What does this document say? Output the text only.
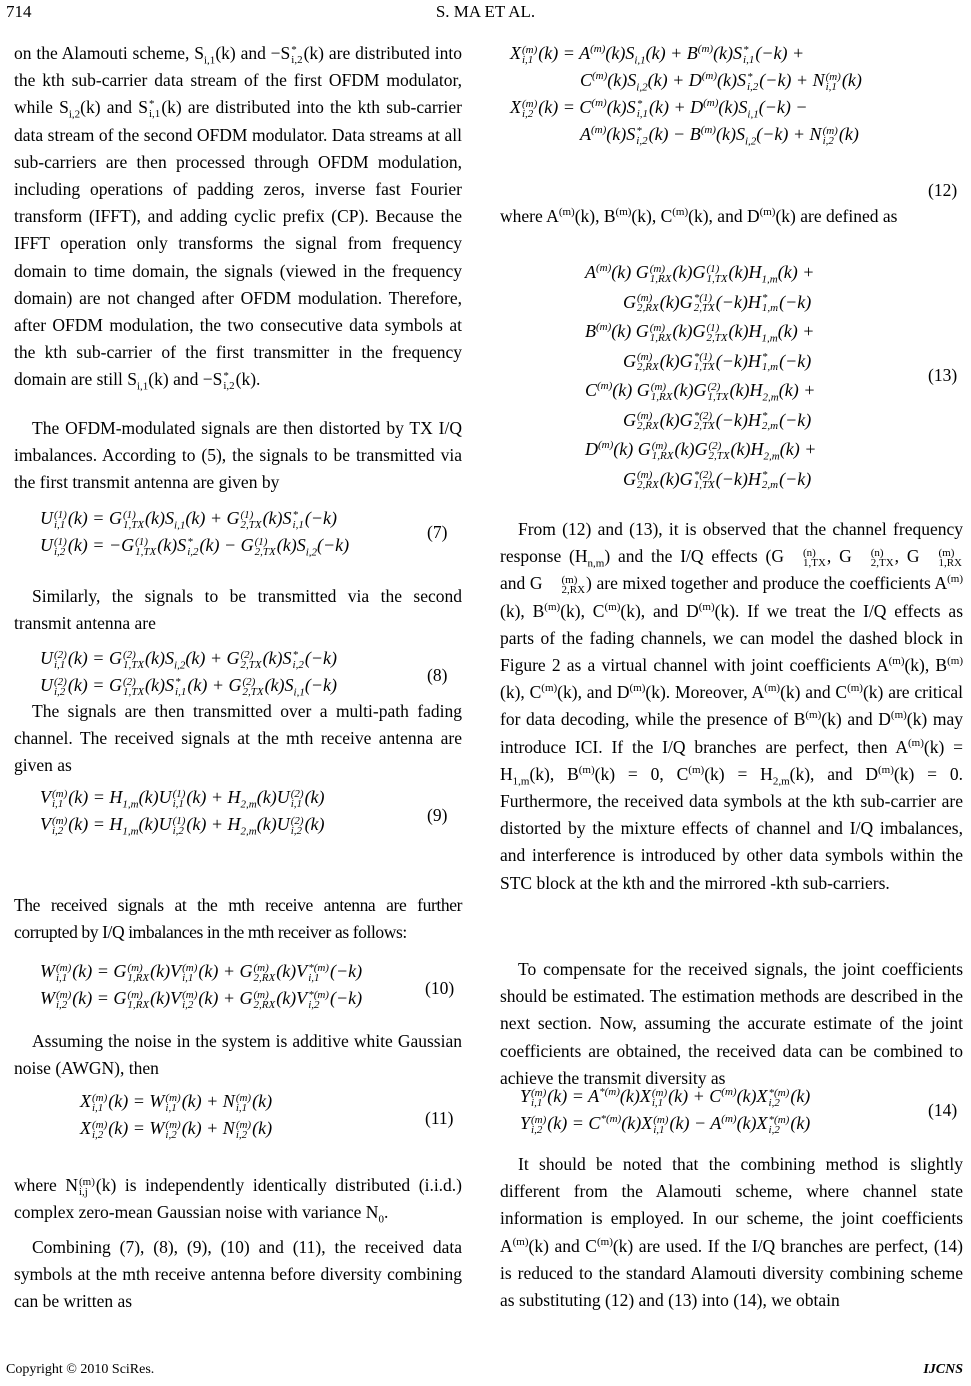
714	S. MA ET AL.
on the Alamouti scheme, $S_{i,1}(k)$ and −S *
i,2 (k) are distributed into the kth sub-carrier data stream of the first OFDM modulator, while $S_{i,2}(k)$ and S *
i,1 (k) are distributed into the kth sub-carrier data stream of the second OFDM modulator. Data streams at all sub-carriers are then processed through OFDM modulation, including operations of padding zeros, inverse fast Fourier transform (IFFT), and adding cyclic prefix (CP). Because the IFFT operation only transforms the signal from frequency domain to time domain, the signals (viewed in the frequency domain) are not changed after OFDM modulation. Therefore, after OFDM modulation, the two consecutive data symbols at the kth sub-carrier of the first transmitter in the frequency domain are still $S_{i,1}(k)$ and −S *
i,2 (k).
The OFDM-modulated signals are then distorted by TX I/Q imbalances. According to (5), the signals to be transmitted via the first transmit antenna are given by
U (1)
i,1 (k) = G (1)
1,TX $(k)S_{i,1}(k) + G$ (1)
2,TX (k)S *
i,1 (−k)
U (1)
i,2 (k) = −G (1)
1,TX (k)S *
i,2 (k) − G (1)
2,TX $(k)S_{i,2}(-k)$
(7)
Similarly, the signals to be transmitted via the second transmit antenna are
U (2)
i,1 (k) = G (2)
1,TX $(k)S_{i,2}(k) + G$ (2)
2,TX (k)S *
i,2 (−k)
U (2)
i,2 (k) = G (2)
1,TX (k)S *
i,1 (k) + G (2)
2,TX $(k)S_{i,1}(-k)$	(8)
The signals are then transmitted over a multi-path fading channel. The received signals at the mth receive antenna are given as
V (m)
i,1 $(k) = H_{1,m}(k)U$ (1)
i,1 $(k) + H_{2,m}(k)U$ (2)
i,1 (k)
V (m)
i,2 $(k) = H_{1,m}(k)U$ (1)
i,2 $(k) + H_{2,m}(k)U$ (2)
i,2 (k)	(9)
The received signals at the mth receive antenna are further corrupted by I/Q imbalances in the mth receiver as follows:
W (m)
i,1 (k) = G (m)
1,RX (k)V (m)
i,1 (k) + G (m)
2,RX (k)V *(m)
i,1 (−k)
W (m)
i,2 (k) = G (m)
1,RX (k)V (m)
i,2 (k) + G (m)
2,RX (k)V *(m)
i,2 (−k)	(10)
Assuming the noise in the system is additive white Gaussian noise (AWGN), then
X (m)
i,1 (k) = W (m)
i,1 (k) + N (m)
i,1 (k)
X (m)
i,2 (k) = W (m)
i,2 (k) + N (m)
i,2 (k)	(11)
where N (m)
i,j (k) is independently identically distributed (i.i.d.) complex zero-mean Gaussian noise with variance $N_0$.
Combining (7), (8), (9), (10) and (11), the received data symbols at the mth receive antenna before diversity combining can be written as
X (m)
i,1 $(k) = A^{(m)}(k)S_{i,1}(k) + B^{(m)}(k)S$ *
i,1 (−k) +
$C^{(m)}(k)S_{i,2}(k) + D^{(m)}(k)S$ *
i,2 (−k) + N (m)
i,1 (k)
X (m)
i,2 $(k) = C^{(m)}(k)S$ *
i,1 $(k) + D^{(m)}(k)S_{i,1}(-k)$ −
$A^{(m)}(k)S$ *
i,2 $(k) - B^{(m)}(k)S_{i,2}(-k) + N$ (m)
i,2 (k)
(12)
where $A^{(m)}(k)$, $B^{(m)}(k)$, $C^{(m)}(k)$, and $D^{(m)}(k)$ are defined as
$A^{(m)}(k)$ G (m)
1,RX (k)G (1)
1,TX $(k)H_{1,m}(k)$ +
G (m)
2,RX (k)G *(1)
2,TX (−k)H *
1,m (−k)
$B^{(m)}(k)$ G (m)
1,RX (k)G (1)
2,TX $(k)H_{1,m}(k)$ +
G (m)
2,RX (k)G *(1)
1,TX (−k)H *
1,m (−k)
$C^{(m)}(k)$ G (m)
1,RX (k)G (2)
1,TX $(k)H_{2,m}(k)$ +
G (m)
2,RX (k)G *(2)
2,TX (−k)H *
2,m (−k)
$D^{(m)}(k)$ G (m)
1,RX (k)G (2)
2,TX $(k)H_{2,m}(k)$ +
G (m)
2,RX (k)G *(2)
1,TX (−k)H *
2,m (−k)
(13)
From (12) and (13), it is observed that the channel frequency response $(H_{n,m})$ and the I/Q effects (G	(n)
1,TX , G	(n)
2,TX , G	(m)
1,RX
and G	(m)
2,RX ) are mixed together and produce the coefficients $A^{(m)}(k)$, $B^{(m)}(k)$, $C^{(m)}(k)$, and $D^{(m)}(k)$. If we treat the I/Q effects as parts of the fading channels, we can model the dashed block in Figure 2 as a virtual channel with joint coefficients $A^{(m)}(k)$, $B^{(m)}(k)$, $C^{(m)}(k)$, and $D^{(m)}(k)$. Moreover, $A^{(m)}(k)$ and $C^{(m)}(k)$ are critical for data decoding, while the presence of $B^{(m)}(k)$ and $D^{(m)}(k)$ may introduce ICI. If the I/Q branches are perfect, then $A^{(m)}(k) = H_{1,m}(k)$, $B^{(m)}(k) = 0$, $C^{(m)}(k) = H_{2,m}(k)$, and $D^{(m)}(k) = 0$. Furthermore, the received data symbols at the kth sub-carrier are distorted by the mixture effects of channel and I/Q imbalances, and interference is introduced by other data symbols within the STC block at the kth and the mirrored -kth sub-carriers.
To compensate for the received signals, the joint coefficients should be estimated. The estimation methods are described in the next section. Now, assuming the accurate estimate of the joint coefficients are obtained, the received data can be combined to achieve the transmit diversity as
Y (m)
i,1 $(k) = A^{*(m)}(k)X$ (m)
i,1 $(k) + C^{(m)}(k)X$ *(m)
i,2 (k)
Y (m)
i,2 $(k) = C^{*(m)}(k)X$ (m)
i,1 $(k) - A^{(m)}(k)X$ *(m)
i,2 (k)
(14)
It should be noted that the combining method is slightly different from the Alamouti scheme, where channel state information is employed. In our scheme, the joint coefficients $A^{(m)}(k)$ and $C^{(m)}(k)$ are used. If the I/Q branches are perfect, (14) is reduced to the standard Alamouti diversity combining scheme as substituting (12) and (13) into (14), we obtain
Copyright © 2010 SciRes.	IJCNS
